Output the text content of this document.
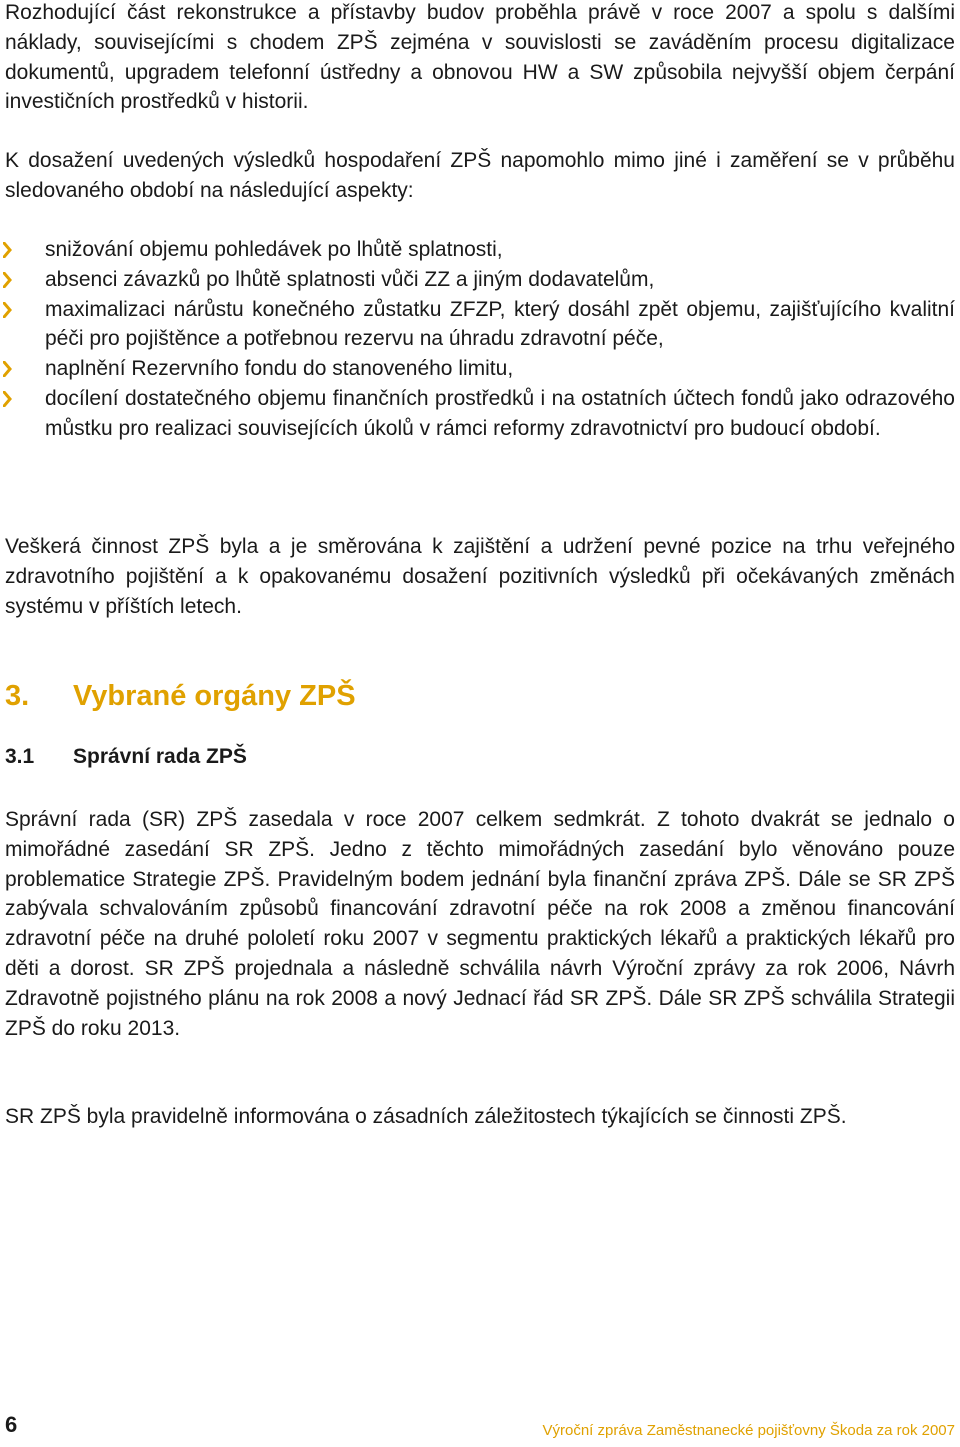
Rozhodující část rekonstrukce a přístavby budov proběhla právě v roce 2007 a spolu s dalšími náklady, souvisejícími s chodem ZPŠ zejména v souvislosti se zaváděním procesu digitalizace dokumentů, upgradem telefonní ústředny a obnovou HW a SW způsobila nejvyšší objem čerpání investičních prostředků v historii.

K dosažení uvedených výsledků hospodaření ZPŠ napomohlo mimo jiné i zaměření se v průběhu sledovaného období na následující aspekty:

snižování objemu pohledávek po lhůtě splatnosti,
absenci závazků po lhůtě splatnosti vůči ZZ a jiným dodavatelům,
maximalizaci nárůstu konečného zůstatku ZFZP, který dosáhl zpět objemu, zajišťujícího kvalitní péči pro pojištěnce a potřebnou rezervu na úhradu zdravotní péče,
naplnění Rezervního fondu do stanoveného limitu,
docílení dostatečného objemu finančních prostředků i na ostatních účtech fondů jako odrazového můstku pro realizaci souvisejících úkolů v rámci reformy zdravotnictví pro budoucí období.

Veškerá činnost ZPŠ byla a je směrována k zajištění a udržení pevné pozice na trhu veřejného zdravotního pojištění a k opakovanému dosažení pozitivních výsledků při očekávaných změnách systému v příštích letech.

3. Vybrané orgány ZPŠ
3.1 Správní rada ZPŠ

Správní rada (SR) ZPŠ zasedala v roce 2007 celkem sedmkrát. Z tohoto dvakrát se jednalo o mimořádné zasedání SR ZPŠ. Jedno z těchto mimořádných zasedání bylo věnováno pouze problematice Strategie ZPŠ. Pravidelným bodem jednání byla finanční zpráva ZPŠ. Dále se SR ZPŠ zabývala schvalováním způsobů financování zdravotní péče na rok 2008 a změnou financování zdravotní péče na druhé pololetí roku 2007 v segmentu praktických lékařů a praktických lékařů pro děti a dorost. SR ZPŠ projednala a následně schválila návrh Výroční zprávy za rok 2006, Návrh Zdravotně pojistného plánu na rok 2008 a nový Jednací řád SR ZPŠ. Dále SR ZPŠ schválila Strategii ZPŠ do roku 2013.

SR ZPŠ byla pravidelně informována o zásadních záležitostech týkajících se činnosti ZPŠ.

6	Výroční zpráva Zaměstnanecké pojišťovny Škoda za rok 2007
